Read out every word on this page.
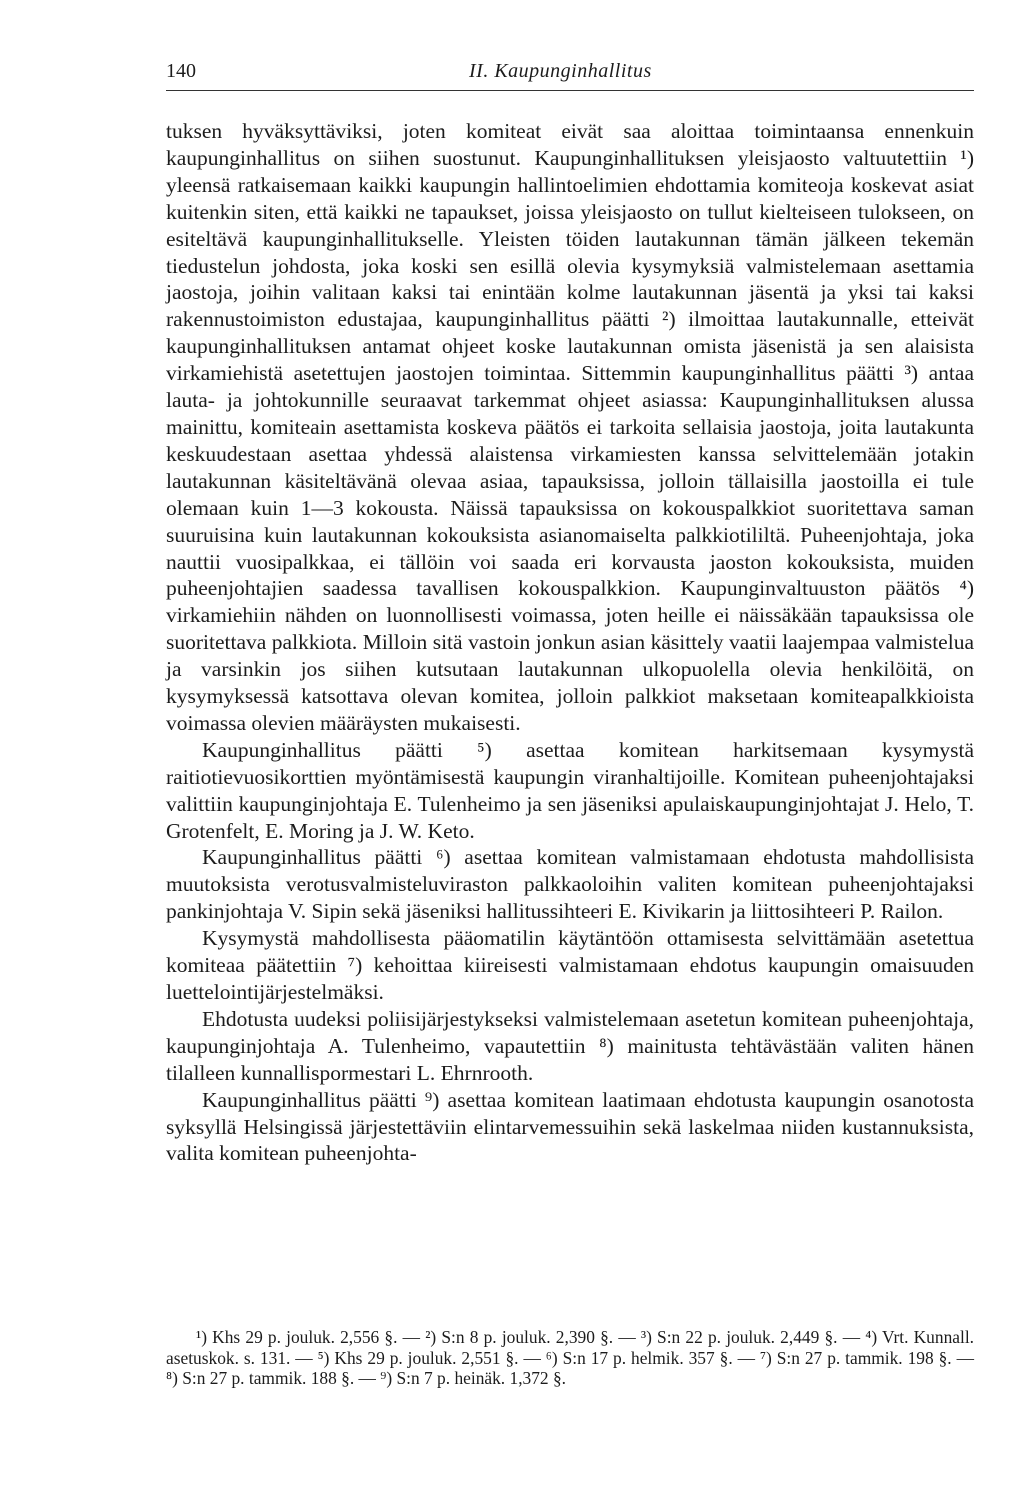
140	II. Kaupunginhallitus

tuksen hyväksyttäviksi, joten komiteat eivät saa aloittaa toimintaansa ennenkuin kaupunginhallitus on siihen suostunut. Kaupunginhallituksen yleisjaosto valtuutettiin ¹) yleensä ratkaisemaan kaikki kaupungin hallintoelimien ehdottamia komiteoja koskevat asiat kuitenkin siten, että kaikki ne tapaukset, joissa yleisjaosto on tullut kielteiseen tulokseen, on esiteltävä kaupunginhallitukselle. Yleisten töiden lautakunnan tämän jälkeen tekemän tiedustelun johdosta, joka koski sen esillä olevia kysymyksiä valmistelemaan asettamia jaostoja, joihin valitaan kaksi tai enintään kolme lautakunnan jäsentä ja yksi tai kaksi rakennustoimiston edustajaa, kaupunginhallitus päätti ²) ilmoittaa lautakunnalle, etteivät kaupunginhallituksen antamat ohjeet koske lautakunnan omista jäsenistä ja sen alaisista virkamiehistä asetettujen jaostojen toimintaa. Sittemmin kaupunginhallitus päätti ³) antaa lauta- ja johtokunnille seuraavat tarkemmat ohjeet asiassa: Kaupunginhallituksen alussa mainittu, komiteain asettamista koskeva päätös ei tarkoita sellaisia jaostoja, joita lautakunta keskuudestaan asettaa yhdessä alaistensa virkamiesten kanssa selvittelemään jotakin lautakunnan käsiteltävänä olevaa asiaa, tapauksissa, jolloin tällaisilla jaostoilla ei tule olemaan kuin 1—3 kokousta. Näissä tapauksissa on kokouspalkkiot suoritettava saman suuruisina kuin lautakunnan kokouksista asianomaiselta palkkiotililtä. Puheenjohtaja, joka nauttii vuosipalkkaa, ei tällöin voi saada eri korvausta jaoston kokouksista, muiden puheenjohtajien saadessa tavallisen kokouspalkkion. Kaupunginvaltuuston päätös ⁴) virkamiehiin nähden on luonnollisesti voimassa, joten heille ei näissäkään tapauksissa ole suoritettava palkkiota. Milloin sitä vastoin jonkun asian käsittely vaatii laajempaa valmistelua ja varsinkin jos siihen kutsutaan lautakunnan ulkopuolella olevia henkilöitä, on kysymyksessä katsottava olevan komitea, jolloin palkkiot maksetaan komiteapalkkioista voimassa olevien määräysten mukaisesti.

Kaupunginhallitus päätti ⁵) asettaa komitean harkitsemaan kysymystä raitiotievuosikorttien myöntämisestä kaupungin viranhaltijoille. Komitean puheenjohtajaksi valittiin kaupunginjohtaja E. Tulenheimo ja sen jäseniksi apulaiskaupunginjohtajat J. Helo, T. Grotenfelt, E. Moring ja J. W. Keto.

Kaupunginhallitus päätti ⁶) asettaa komitean valmistamaan ehdotusta mahdollisista muutoksista verotusvalmisteluviraston palkkaoloihin valiten komitean puheenjohtajaksi pankinjohtaja V. Sipin sekä jäseniksi hallitussihteeri E. Kivikarin ja liittosihteeri P. Railon.

Kysymystä mahdollisesta pääomatilin käytäntöön ottamisesta selvittämään asetettua komiteaa päätettiin ⁷) kehoittaa kiireisesti valmistamaan ehdotus kaupungin omaisuuden luettelointijärjestelmäksi.

Ehdotusta uudeksi poliisijärjestykseksi valmistelemaan asetetun komitean puheenjohtaja, kaupunginjohtaja A. Tulenheimo, vapautettiin ⁸) mainitusta tehtävästään valiten hänen tilalleen kunnallispormestari L. Ehrnrooth.

Kaupunginhallitus päätti ⁹) asettaa komitean laatimaan ehdotusta kaupungin osanotosta syksyllä Helsingissä järjestettäviin elintarvemessuihin sekä laskelmaa niiden kustannuksista, valita komitean puheenjohta-

¹) Khs 29 p. jouluk. 2,556 §. — ²) S:n 8 p. jouluk. 2,390 §. — ³) S:n 22 p. jouluk. 2,449 §. — ⁴) Vrt. Kunnall. asetuskok. s. 131. — ⁵) Khs 29 p. jouluk. 2,551 §. — ⁶) S:n 17 p. helmik. 357 §. — ⁷) S:n 27 p. tammik. 198 §. — ⁸) S:n 27 p. tammik. 188 §. — ⁹) S:n 7 p. heinäk. 1,372 §.
